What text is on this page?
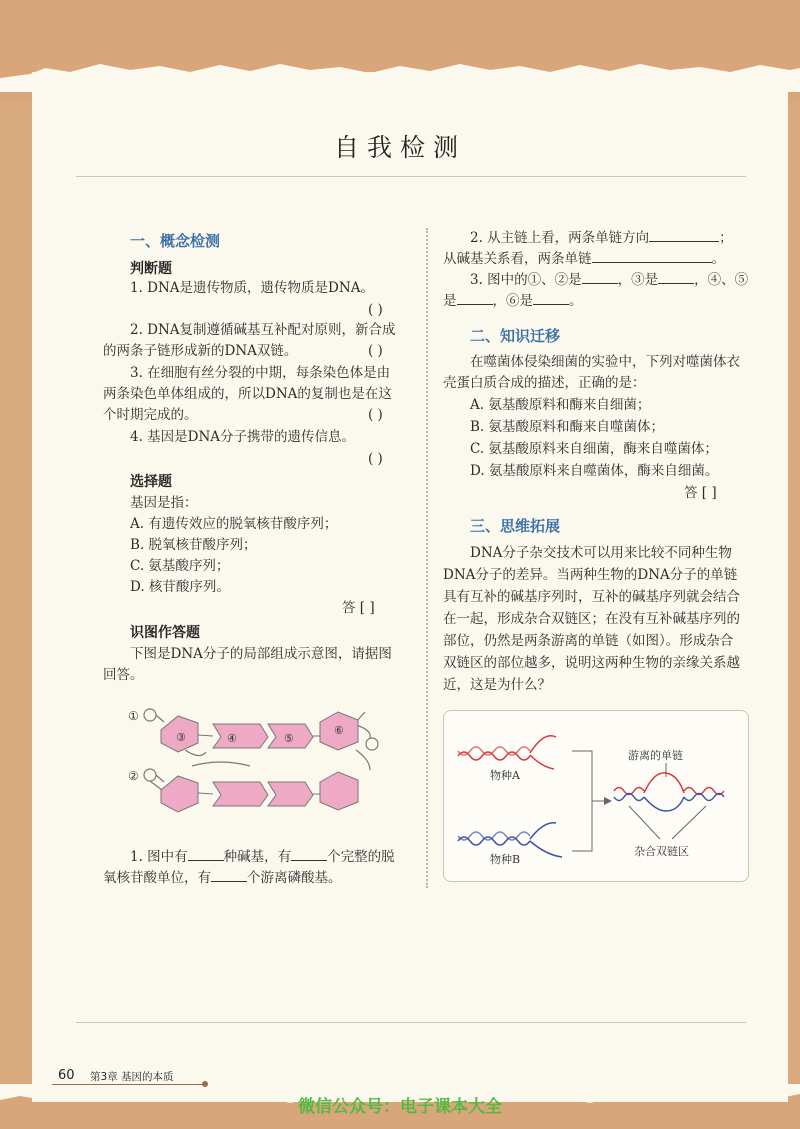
自我检测
一、概念检测
判断题
1. DNA是遗传物质，遗传物质是DNA。
( )
2. DNA复制遵循碱基互补配对原则，新合成
的两条子链形成新的DNA双链。	( )
3. 在细胞有丝分裂的中期，每条染色体是由
两条染色单体组成的，所以DNA的复制也是在这
个时期完成的。	( )
4. 基因是DNA分子携带的遗传信息。
( )
选择题
基因是指：
A. 有遗传效应的脱氧核苷酸序列；
B. 脱氧核苷酸序列；
C. 氨基酸序列；
D. 核苷酸序列。
答 [ ]
识图作答题
下图是DNA分子的局部组成示意图，请据图
回答。
①
②
③	④	⑤
⑥
1. 图中有	种碱基，有	个完整的脱
氧核苷酸单位，有	个游离磷酸基。
2. 从主链上看，两条单链方向	；
从碱基关系看，两条单链	。
3. 图中的①、②是	，③是	，④、⑤
是	，⑥是	。
二、知识迁移
在噬菌体侵染细菌的实验中，下列对噬菌体衣
壳蛋白质合成的描述，正确的是：
A. 氨基酸原料和酶来自细菌；
B. 氨基酸原料和酶来自噬菌体；
C. 氨基酸原料来自细菌，酶来自噬菌体；
D. 氨基酸原料来自噬菌体，酶来自细菌。
答 [ ]
三、思维拓展
DNA分子杂交技术可以用来比较不同种生物
DNA分子的差异。当两种生物的DNA分子的单链
具有互补的碱基序列时，互补的碱基序列就会结合
在一起，形成杂合双链区；在没有互补碱基序列的
部位，仍然是两条游离的单链（如图）。形成杂合
双链区的部位越多，说明这两种生物的亲缘关系越
近，这是为什么？
物种A
物种B
游离的单链
杂合双链区
60 第3章 基因的本质
微信公众号：电子课本大全
